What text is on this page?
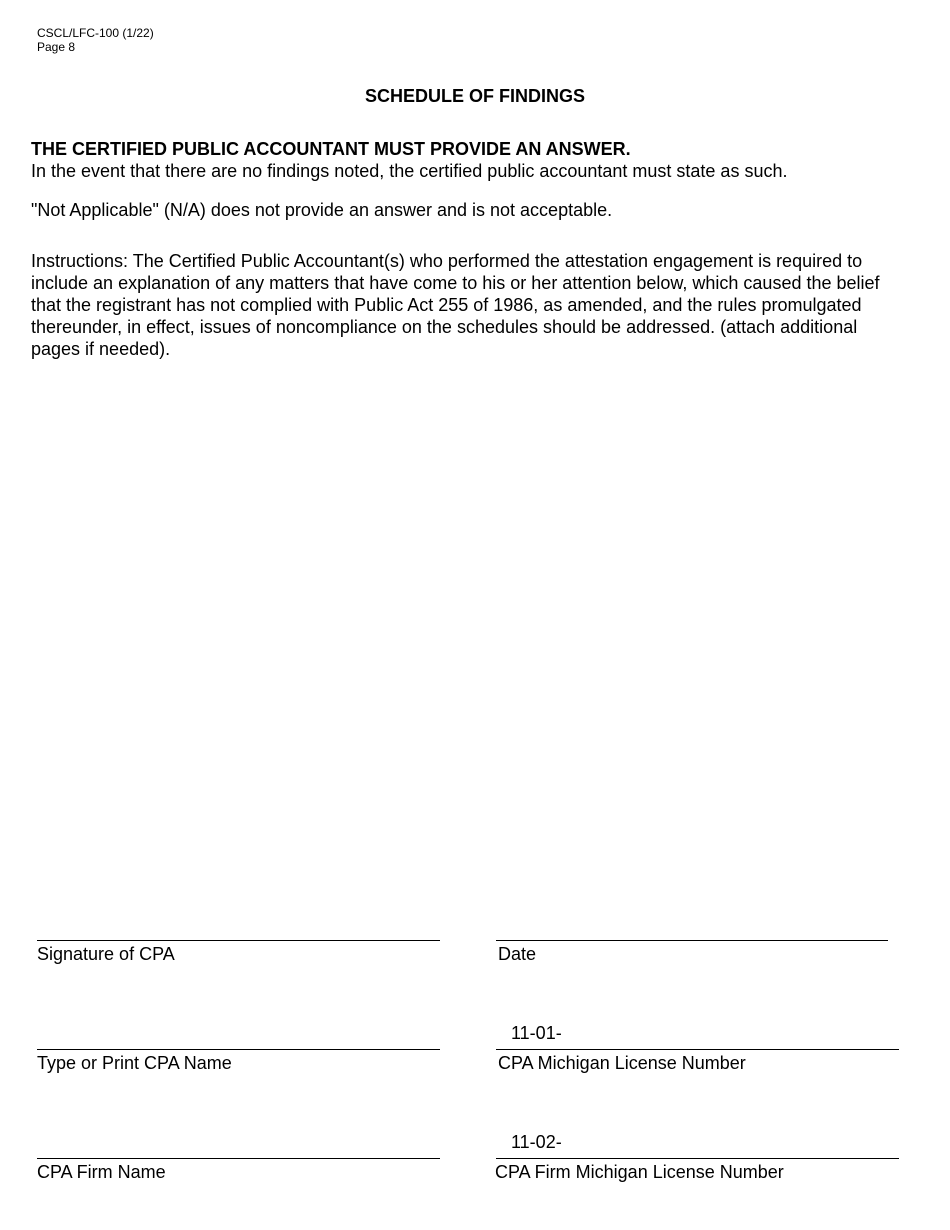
CSCL/LFC-100 (1/22)
Page 8
SCHEDULE OF FINDINGS
THE CERTIFIED PUBLIC ACCOUNTANT MUST PROVIDE AN ANSWER.
In the event that there are no findings noted, the certified public accountant must state as such.
"Not Applicable" (N/A) does not provide an answer and is not acceptable.
Instructions: The Certified Public Accountant(s) who performed the attestation engagement is required to include an explanation of any matters that have come to his or her attention below, which caused the belief that the registrant has not complied with Public Act 255 of 1986, as amended, and the rules promulgated thereunder, in effect, issues of noncompliance on the schedules should be addressed. (attach additional pages if needed).
Signature of CPA	Date
Type or Print CPA Name
11-01-
CPA Michigan License Number
CPA Firm Name
11-02-
CPA Firm Michigan License Number
